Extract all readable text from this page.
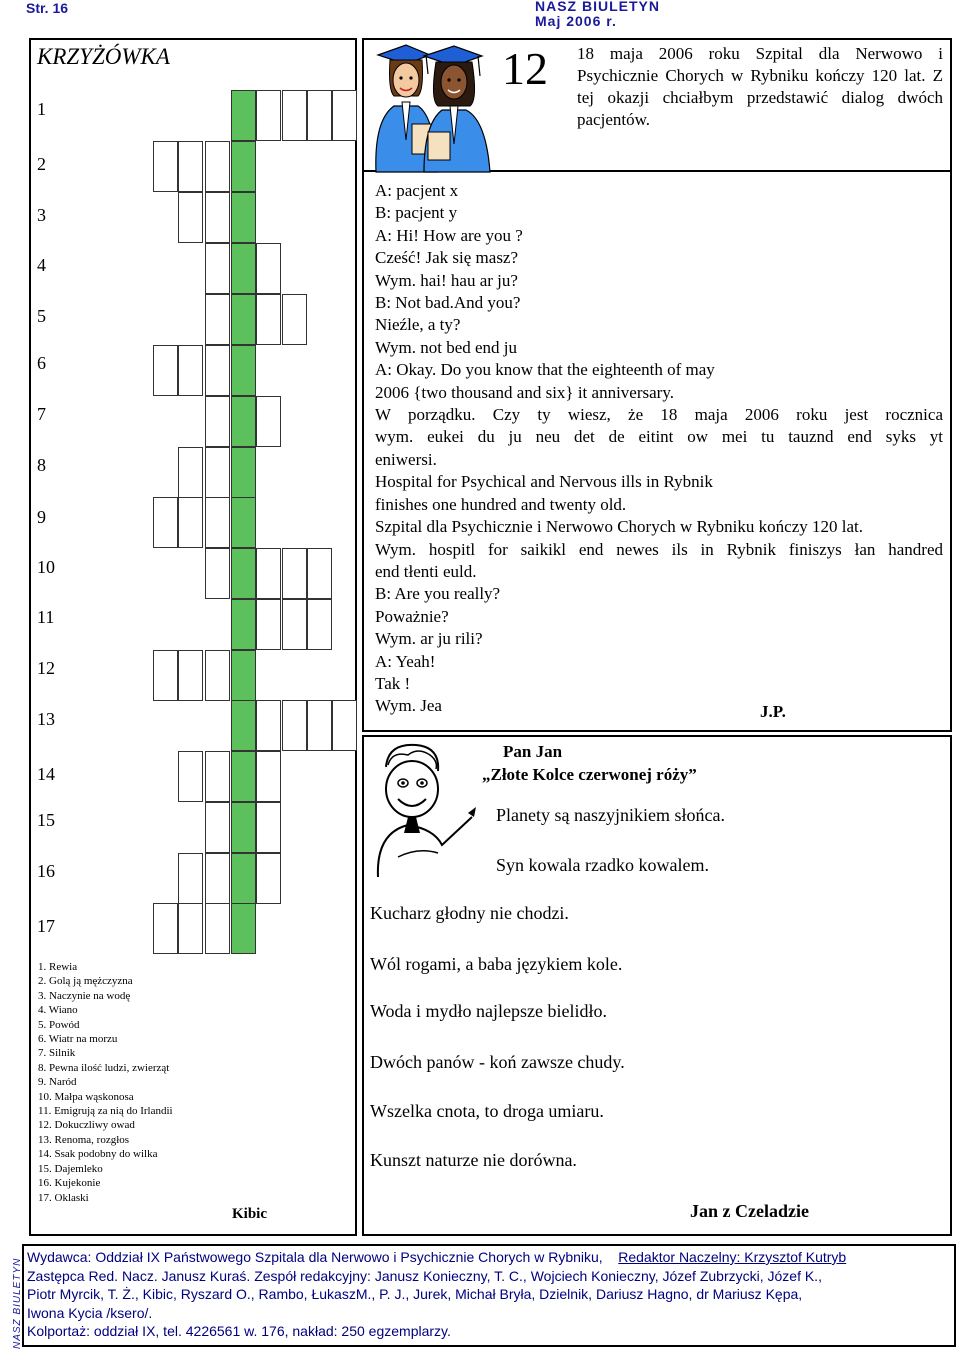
Str. 16	NASZ BIULETYN
Maj 2006 r.
KRZYŻÓWKA
1
2
3
4
5
6
7
8
9
10
11
12
13
14
15
16
17
1. Rewia
2. Golą ją mężczyzna
3. Naczynie na wodę
4. Wiano
5. Powód
6. Wiatr na morzu
7. Silnik
8. Pewna ilość ludzi, zwierząt
9. Naród
10. Małpa wąskonosa
11. Emigrują za nią do Irlandii
12. Dokuczliwy owad
13. Renoma, rozgłos
14. Ssak podobny do wilka
15. Dajemleko
16. Kujekonie
17. Oklaski
Kibic
12 18 maja 2006 roku Szpital dla Nerwowo i Psychicznie Chorych w Rybniku kończy 120 lat. Z tej okazji chciałbym przedstawić dialog dwóch pacjentów.
A: pacjent x
B: pacjent y
A: Hi! How are you ?
Cześć! Jak się masz?
Wym. hai! hau ar ju?
B: Not bad.And you?
Nieźle, a ty?
Wym. not bed end ju
A: Okay. Do you know that the eighteenth of may
2006 {two thousand and six} it anniversary.
W porządku. Czy ty wiesz, że 18 maja 2006 roku jest rocznica
wym. eukei du ju neu det de eitint ow mei tu tauznd end syks yt
eniwersi.
Hospital for Psychical and Nervous ills in Rybnik
finishes one hundred and twenty old.
Szpital dla Psychicznie i Nerwowo Chorych w Rybniku kończy 120 lat.
Wym. hospitl for saikikl end newes ils in Rybnik finiszys łan handred
end tłenti euld.
B: Are you really?
Poważnie?
Wym. ar ju rili?
A: Yeah!
Tak !
Wym. Jea	J.P.
Pan Jan
„Złote Kolce czerwonej róży”
Planety są naszyjnikiem słońca.
Syn kowala rzadko kowalem.
Kucharz głodny nie chodzi.
Wól rogami, a baba językiem kole.
Woda i mydło najlepsze bielidło.
Dwóch panów - koń zawsze chudy.
Wszelka cnota, to droga umiaru.
Kunszt naturze nie dorówna.
Jan z Czeladzie
NASZ BIULETYN
Wydawca: Oddział IX Państwowego Szpitala dla Nerwowo i Psychicznie Chorych w Rybniku, Redaktor Naczelny: Krzysztof Kutryb
Zastępca Red. Nacz. Janusz Kuraś. Zespół redakcyjny: Janusz Konieczny, T. C., Wojciech Konieczny, Józef Zubrzycki, Józef K.,
Piotr Myrcik, T. Ż., Kibic, Ryszard O., Rambo, ŁukaszM., P. J., Jurek, Michał Bryła, Dzielnik, Dariusz Hagno, dr Mariusz Kępa,
Iwona Kycia /ksero/.
Kolportaż: oddział IX, tel. 4226561 w. 176, nakład: 250 egzemplarzy.
